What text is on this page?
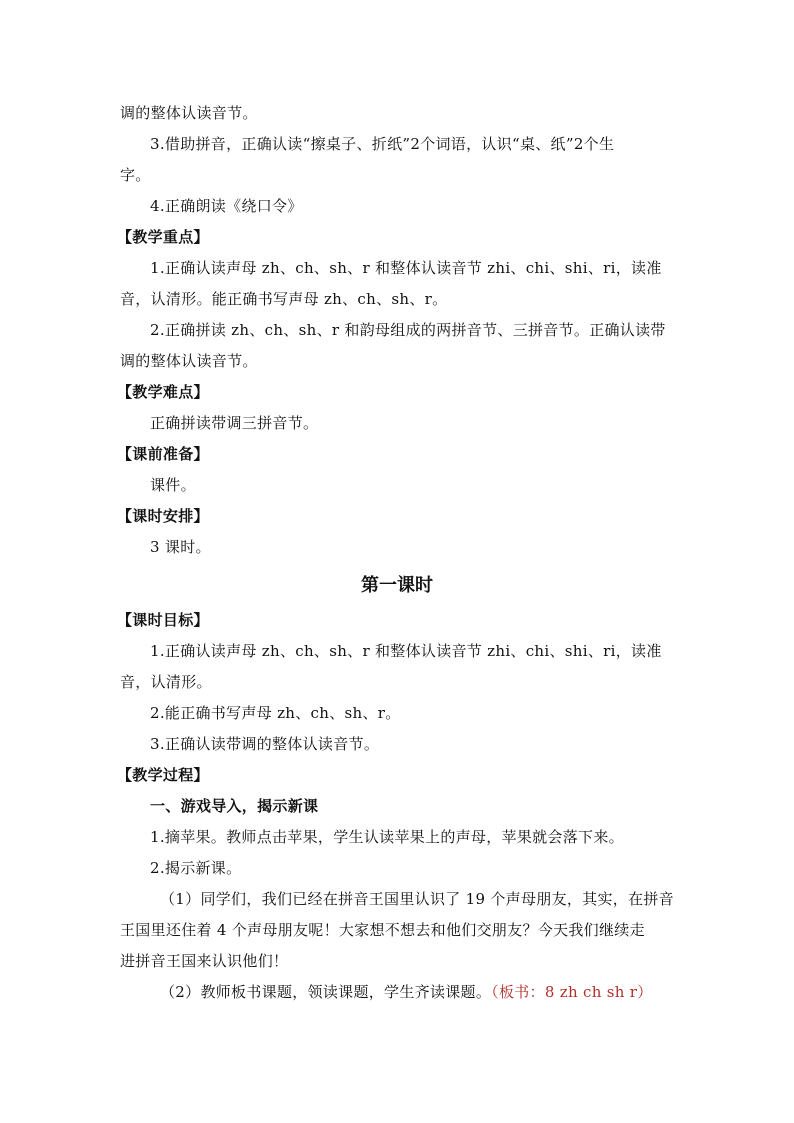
调的整体认读音节。
3.借助拼音，正确认读“擦桌子、折纸”2个词语，认识“桌、纸”2个生
字。
4.正确朗读《绕口令》
【教学重点】
1.正确认读声母 zh、ch、sh、r 和整体认读音节 zhi、chi、shi、ri，读准
音，认清形。能正确书写声母 zh、ch、sh、r。
2.正确拼读 zh、ch、sh、r 和韵母组成的两拼音节、三拼音节。正确认读带
调的整体认读音节。
【教学难点】
正确拼读带调三拼音节。
【课前准备】
课件。
【课时安排】
3 课时。
第一课时
【课时目标】
1.正确认读声母 zh、ch、sh、r 和整体认读音节 zhi、chi、shi、ri，读准
音，认清形。
2.能正确书写声母 zh、ch、sh、r。
3.正确认读带调的整体认读音节。
【教学过程】
一、游戏导入，揭示新课
1.摘苹果。教师点击苹果，学生认读苹果上的声母，苹果就会落下来。
2.揭示新课。
（1）同学们，我们已经在拼音王国里认识了 19 个声母朋友，其实，在拼音
王国里还住着 4 个声母朋友呢！大家想不想去和他们交朋友？今天我们继续走
进拼音王国来认识他们！
（2）教师板书课题，领读课题，学生齐读课题。（板书：8 zh ch sh r）
